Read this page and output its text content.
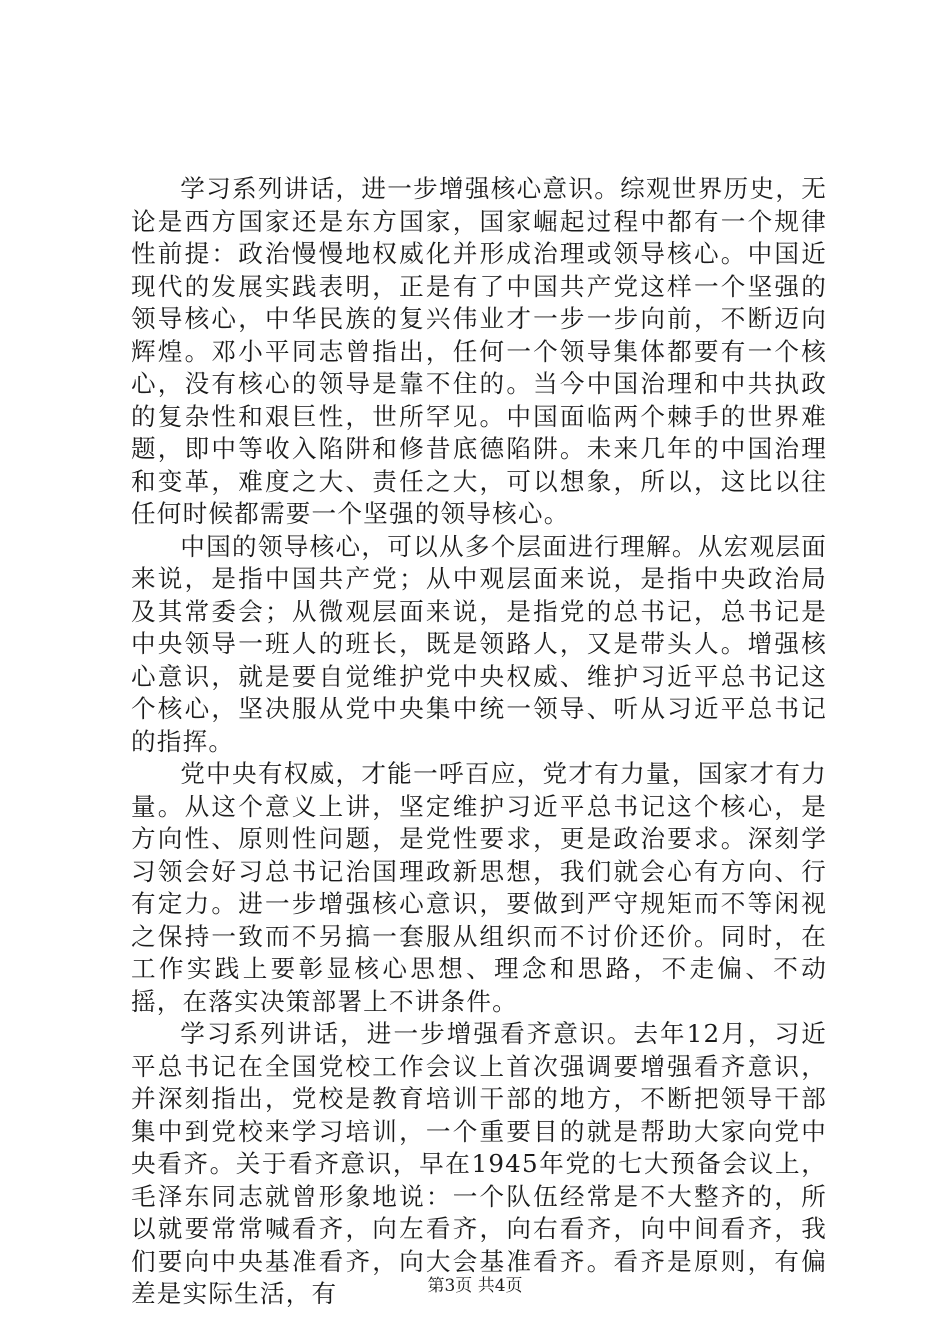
学习系列讲话，进一步增强核心意识。综观世界历史，无论是西方国家还是东方国家，国家崛起过程中都有一个规律性前提：政治慢慢地权威化并形成治理或领导核心。中国近现代的发展实践表明，正是有了中国共产党这样一个坚强的领导核心，中华民族的复兴伟业才一步一步向前，不断迈向辉煌。邓小平同志曾指出，任何一个领导集体都要有一个核心，没有核心的领导是靠不住的。当今中国治理和中共执政的复杂性和艰巨性，世所罕见。中国面临两个棘手的世界难题，即中等收入陷阱和修昔底德陷阱。未来几年的中国治理和变革，难度之大、责任之大，可以想象，所以，这比以往任何时候都需要一个坚强的领导核心。

中国的领导核心，可以从多个层面进行理解。从宏观层面来说，是指中国共产党；从中观层面来说，是指中央政治局及其常委会；从微观层面来说，是指党的总书记，总书记是中央领导一班人的班长，既是领路人，又是带头人。增强核心意识，就是要自觉维护党中央权威、维护习近平总书记这个核心，坚决服从党中央集中统一领导、听从习近平总书记的指挥。

党中央有权威，才能一呼百应，党才有力量，国家才有力量。从这个意义上讲，坚定维护习近平总书记这个核心，是方向性、原则性问题，是党性要求，更是政治要求。深刻学习领会好习总书记治国理政新思想，我们就会心有方向、行有定力。进一步增强核心意识，要做到严守规矩而不等闲视之保持一致而不另搞一套服从组织而不讨价还价。同时，在工作实践上要彰显核心思想、理念和思路，不走偏、不动摇，在落实决策部署上不讲条件。

学习系列讲话，进一步增强看齐意识。去年12月，习近平总书记在全国党校工作会议上首次强调要增强看齐意识，并深刻指出，党校是教育培训干部的地方，不断把领导干部集中到党校来学习培训，一个重要目的就是帮助大家向党中央看齐。关于看齐意识，早在1945年党的七大预备会议上，毛泽东同志就曾形象地说：一个队伍经常是不大整齐的，所以就要常常喊看齐，向左看齐，向右看齐，向中间看齐，我们要向中央基准看齐，向大会基准看齐。看齐是原则，有偏差是实际生活，有	第3页 共4页
